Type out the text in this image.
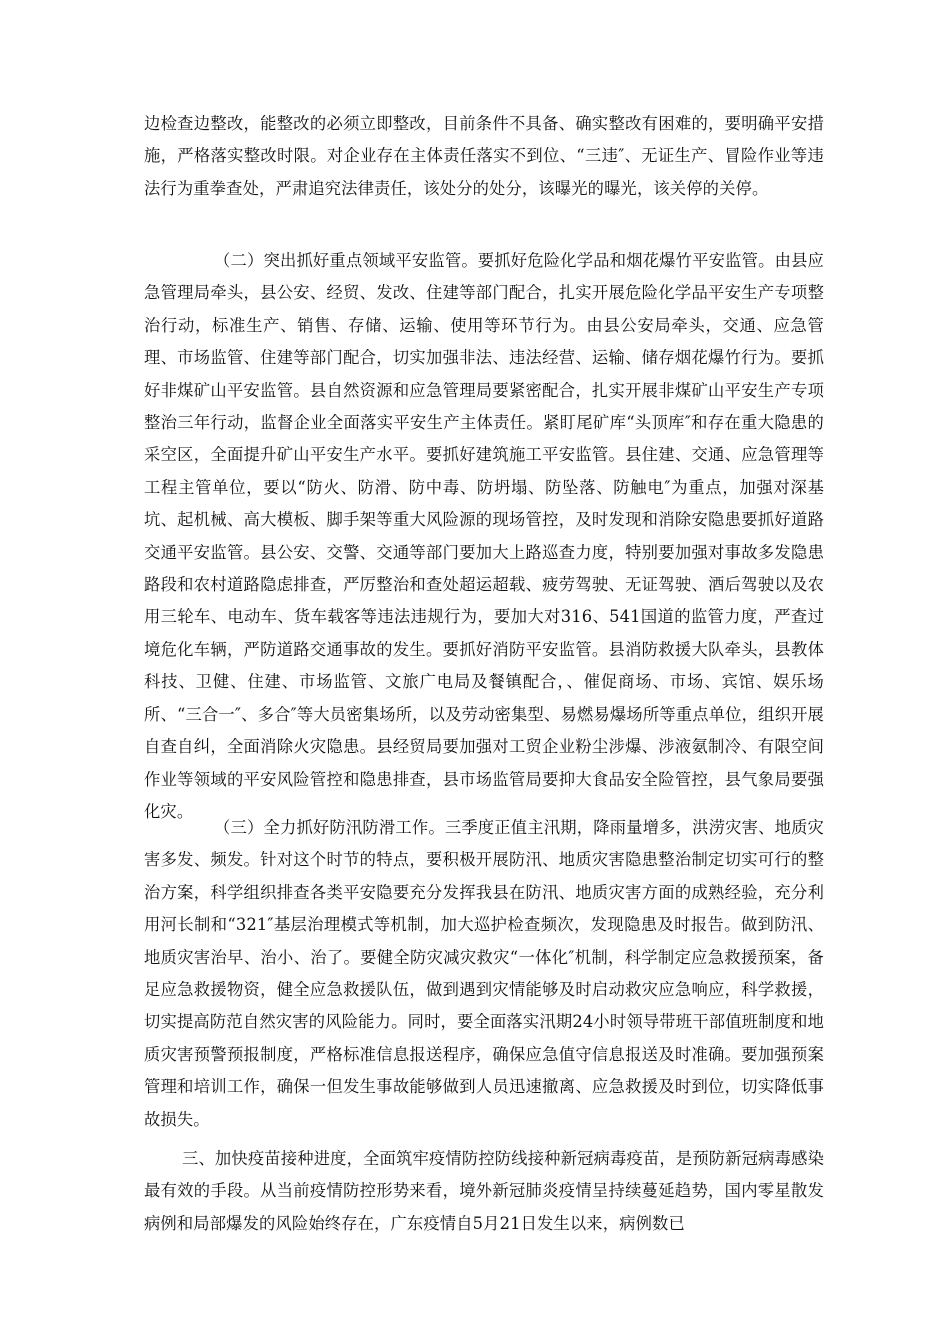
边检查边整改，能整改的必须立即整改，目前条件不具备、确实整改有困难的，要明确平安措施，严格落实整改时限。对企业存在主体责任落实不到位、“三违″、无证生产、冒险作业等违法行为重拳查处，严肃追究法律责任，该处分的处分，该曝光的曝光，该关停的关停。

（二）突出抓好重点领域平安监管。要抓好危险化学品和烟花爆竹平安监管。由县应急管理局牵头，县公安、经贸、发改、住建等部门配合，扎实开展危险化学品平安生产专项整治行动，标准生产、销售、存储、运输、使用等环节行为。由县公安局牵头，交通、应急管理、市场监管、住建等部门配合，切实加强非法、违法经营、运输、储存烟花爆竹行为。要抓好非煤矿山平安监管。县自然资源和应急管理局要紧密配合，扎实开展非煤矿山平安生产专项整治三年行动，监督企业全面落实平安生产主体责任。紧盯尾矿库“头顶库″和存在重大隐患的采空区，全面提升矿山平安生产水平。要抓好建筑施工平安监管。县住建、交通、应急管理等工程主管单位，要以“防火、防滑、防中毒、防坍塌、防坠落、防触电″为重点，加强对深基坑、起机械、高大模板、脚手架等重大风险源的现场管控，及时发现和消除安隐患要抓好道路交通平安监管。县公安、交警、交通等部门要加大上路巡查力度，特别要加强对事故多发隐患路段和农村道路隐虑排查，严厉整治和查处超运超载、疲劳驾驶、无证驾驶、酒后驾驶以及农用三轮车、电动车、货车载客等违法违规行为，要加大对316、541国道的监管力度，严查过境危化车辆，严防道路交通事故的发生。要抓好消防平安监管。县消防救援大队牵头，县教体科技、卫健、住建、市场监管、文旅广电局及餐镇配合，、催促商场、市场、宾馆、娱乐场所、“三合一″、多合″等大员密集场所，以及劳动密集型、易燃易爆场所等重点单位，组织开展自查自纠，全面消除火灾隐患。县经贸局要加强对工贸企业粉尘涉爆、涉液氨制冷、有限空间作业等领域的平安风险管控和隐患排查，县市场监管局要抑大食品安全险管控，县气象局要强化灾。

（三）全力抓好防汛防滑工作。三季度正值主汛期，降雨量增多，洪涝灾害、地质灾害多发、频发。针对这个时节的特点，要积极开展防汛、地质灾害隐患整治制定切实可行的整治方案，科学组织排查各类平安隐要充分发挥我县在防汛、地质灾害方面的成熟经验，充分利用河长制和“321″基层治理模式等机制，加大巡护检查频次，发现隐患及时报告。做到防汛、地质灾害治早、治小、治了。要健全防灾减灾救灾“一体化″机制，科学制定应急救援预案，备足应急救援物资，健全应急救援队伍，做到遇到灾情能够及时启动救灾应急响应，科学救援，切实提高防范自然灾害的风险能力。同时，要全面落实汛期24小时领导带班干部值班制度和地质灾害预警预报制度，严格标准信息报送程序，确保应急值守信息报送及时准确。要加强预案管理和培训工作，确保一但发生事故能够做到人员迅速撤离、应急救援及时到位，切实降低事故损失。

三、加快疫苗接种进度，全面筑牢疫情防控防线接种新冠病毒疫苗，是预防新冠病毒感染最有效的手段。从当前疫情防控形势来看，境外新冠肺炎疫情呈持续蔓延趋势，国内零星散发病例和局部爆发的风险始终存在，广东疫情自5月21日发生以来，病例数已
